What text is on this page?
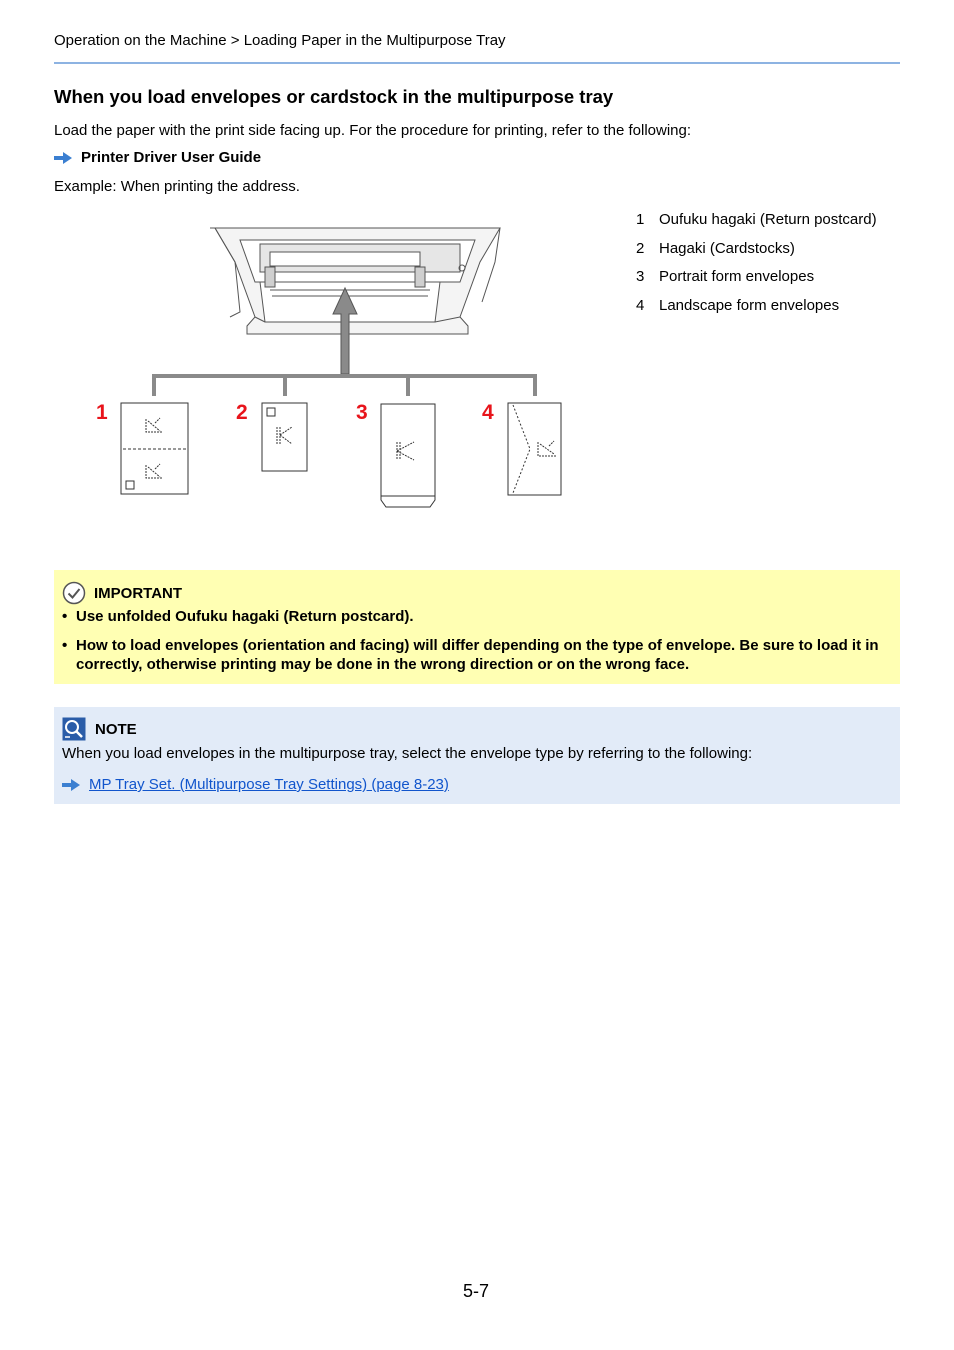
Operation on the Machine > Loading Paper in the Multipurpose Tray
When you load envelopes or cardstock in the multipurpose tray
Load the paper with the print side facing up. For the procedure for printing, refer to the following:
Printer Driver User Guide
Example: When printing the address.
1 Oufuku hagaki (Return postcard)
2 Hagaki (Cardstocks)
3 Portrait form envelopes
4 Landscape form envelopes
1	2	3	4
IMPORTANT
• Use unfolded Oufuku hagaki (Return postcard).
• How to load envelopes (orientation and facing) will differ depending on the type of envelope. Be sure to load it in correctly, otherwise printing may be done in the wrong direction or on the wrong face.
NOTE
When you load envelopes in the multipurpose tray, select the envelope type by referring to the following:
MP Tray Set. (Multipurpose Tray Settings) (page 8-23)
5-7
